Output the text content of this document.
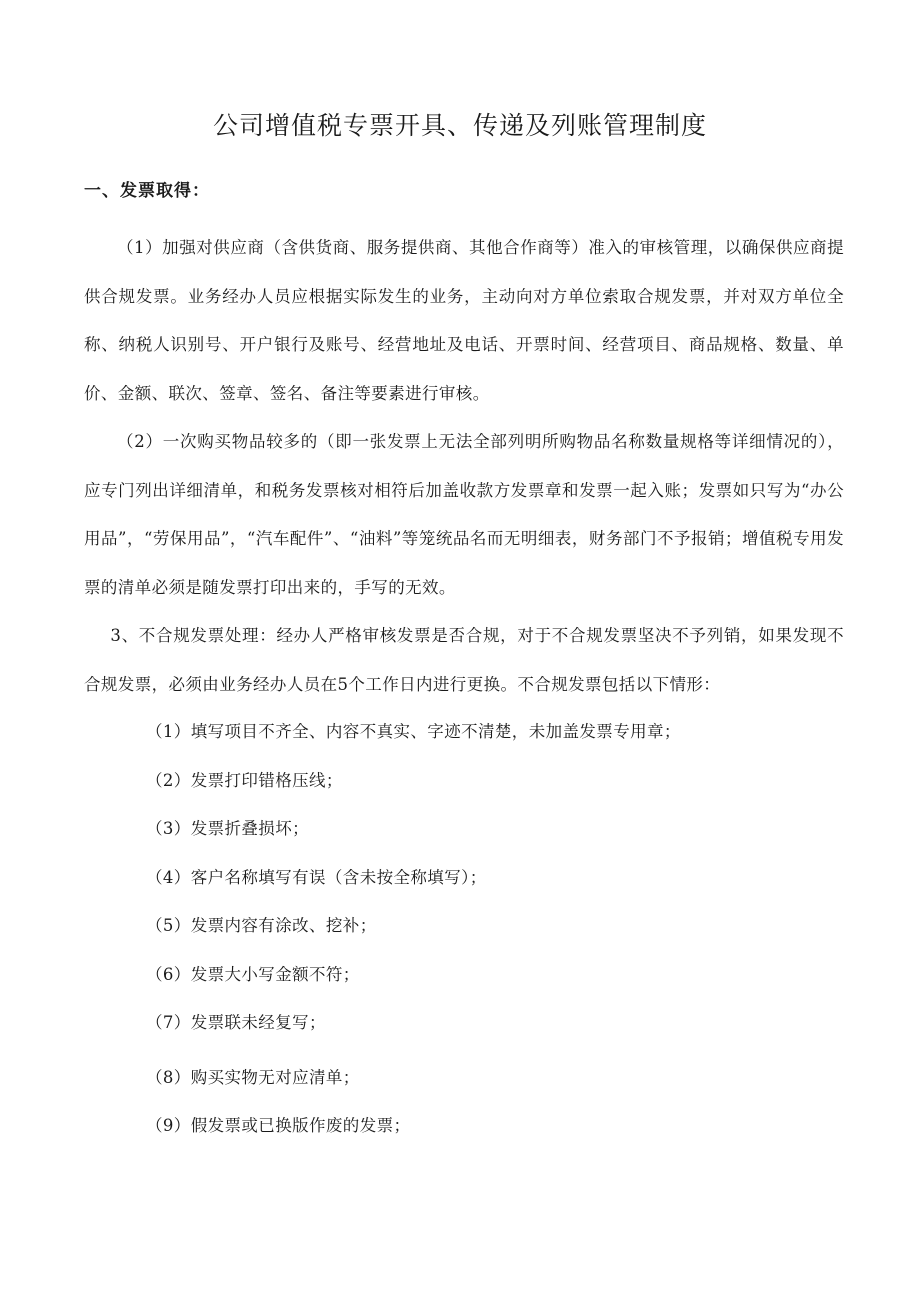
公司增值税专票开具、传递及列账管理制度
一、发票取得：

（1）加强对供应商（含供货商、服务提供商、其他合作商等）准入的审核管理，以确保供应商提供合规发票。业务经办人员应根据实际发生的业务，主动向对方单位索取合规发票，并对双方单位全称、纳税人识别号、开户银行及账号、经营地址及电话、开票时间、经营项目、商品规格、数量、单价、金额、联次、签章、签名、备注等要素进行审核。

（2）一次购买物品较多的（即一张发票上无法全部列明所购物品名称数量规格等详细情况的），应专门列出详细清单，和税务发票核对相符后加盖收款方发票章和发票一起入账；发票如只写为“办公用品”，“劳保用品”，“汽车配件”、“油料”等笼统品名而无明细表，财务部门不予报销；增值税专用发票的清单必须是随发票打印出来的，手写的无效。

3、不合规发票处理：经办人严格审核发票是否合规，对于不合规发票坚决不予列销，如果发现不合规发票，必须由业务经办人员在5个工作日内进行更换。不合规发票包括以下情形：

（1）填写项目不齐全、内容不真实、字迹不清楚，未加盖发票专用章；
（2）发票打印错格压线；
（3）发票折叠损坏；
（4）客户名称填写有误（含未按全称填写）；
（5）发票内容有涂改、挖补；
（6）发票大小写金额不符；
（7）发票联未经复写；
（8）购买实物无对应清单；
（9）假发票或已换版作废的发票；
